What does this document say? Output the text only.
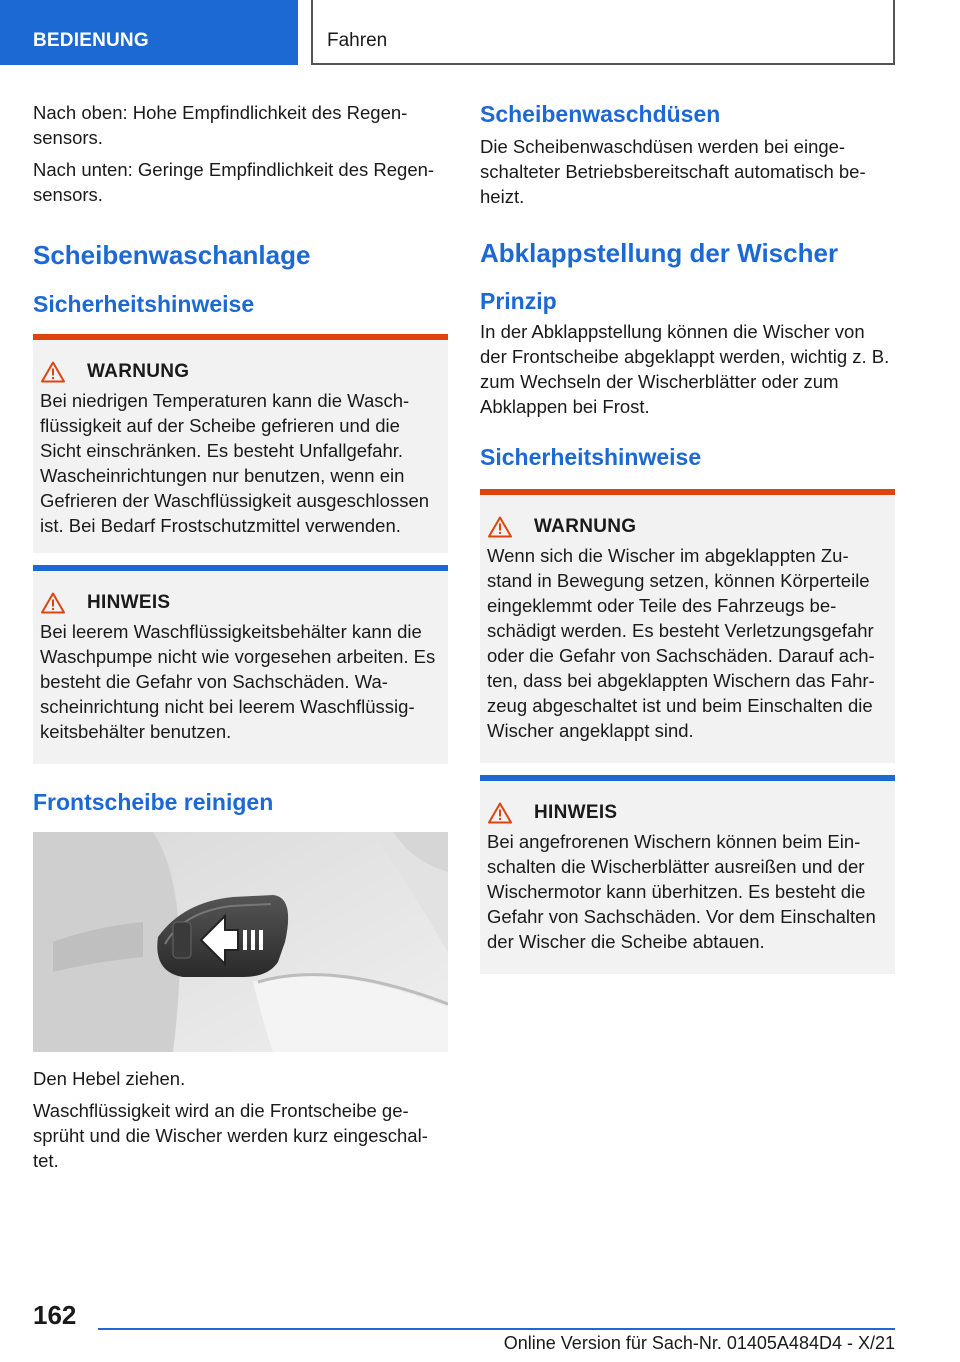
BEDIENUNG	Fahren

Nach oben: Hohe Empfindlichkeit des Regen-sensors.

Nach unten: Geringe Empfindlichkeit des Regen-sensors.

Scheibenwaschanlage
Sicherheitshinweise
WARNUNG
Bei niedrigen Temperaturen kann die Wasch-flüssigkeit auf der Scheibe gefrieren und die Sicht einschränken. Es besteht Unfallgefahr. Wascheinrichtungen nur benutzen, wenn ein Gefrieren der Waschflüssigkeit ausgeschlossen ist. Bei Bedarf Frostschutzmittel verwenden.
HINWEIS
Bei leerem Waschflüssigkeitsbehälter kann die Waschpumpe nicht wie vorgesehen arbeiten. Es besteht die Gefahr von Sachschäden. Wa-scheinrichtung nicht bei leerem Waschflüssig-keitsbehälter benutzen.
Frontscheibe reinigen

Den Hebel ziehen.

Waschflüssigkeit wird an die Frontscheibe ge-sprüht und die Wischer werden kurz eingeschal-tet.

Scheibenwaschdüsen

Die Scheibenwaschdüsen werden bei einge-schalteter Betriebsbereitschaft automatisch be-heizt.

Abklappstellung der Wischer
Prinzip

In der Abklappstellung können die Wischer von der Frontscheibe abgeklappt werden, wichtig z. B. zum Wechseln der Wischerblätter oder zum Abklappen bei Frost.

Sicherheitshinweise
WARNUNG
Wenn sich die Wischer im abgeklappten Zu-stand in Bewegung setzen, können Körperteile eingeklemmt oder Teile des Fahrzeugs be-schädigt werden. Es besteht Verletzungsgefahr oder die Gefahr von Sachschäden. Darauf ach-ten, dass bei abgeklappten Wischern das Fahr-zeug abgeschaltet ist und beim Einschalten die Wischer angeklappt sind.
HINWEIS
Bei angefrorenen Wischern können beim Ein-schalten die Wischerblätter ausreißen und der Wischermotor kann überhitzen. Es besteht die Gefahr von Sachschäden. Vor dem Einschalten der Wischer die Scheibe abtauen.
162
Online Version für Sach-Nr. 01405A484D4 - X/21
